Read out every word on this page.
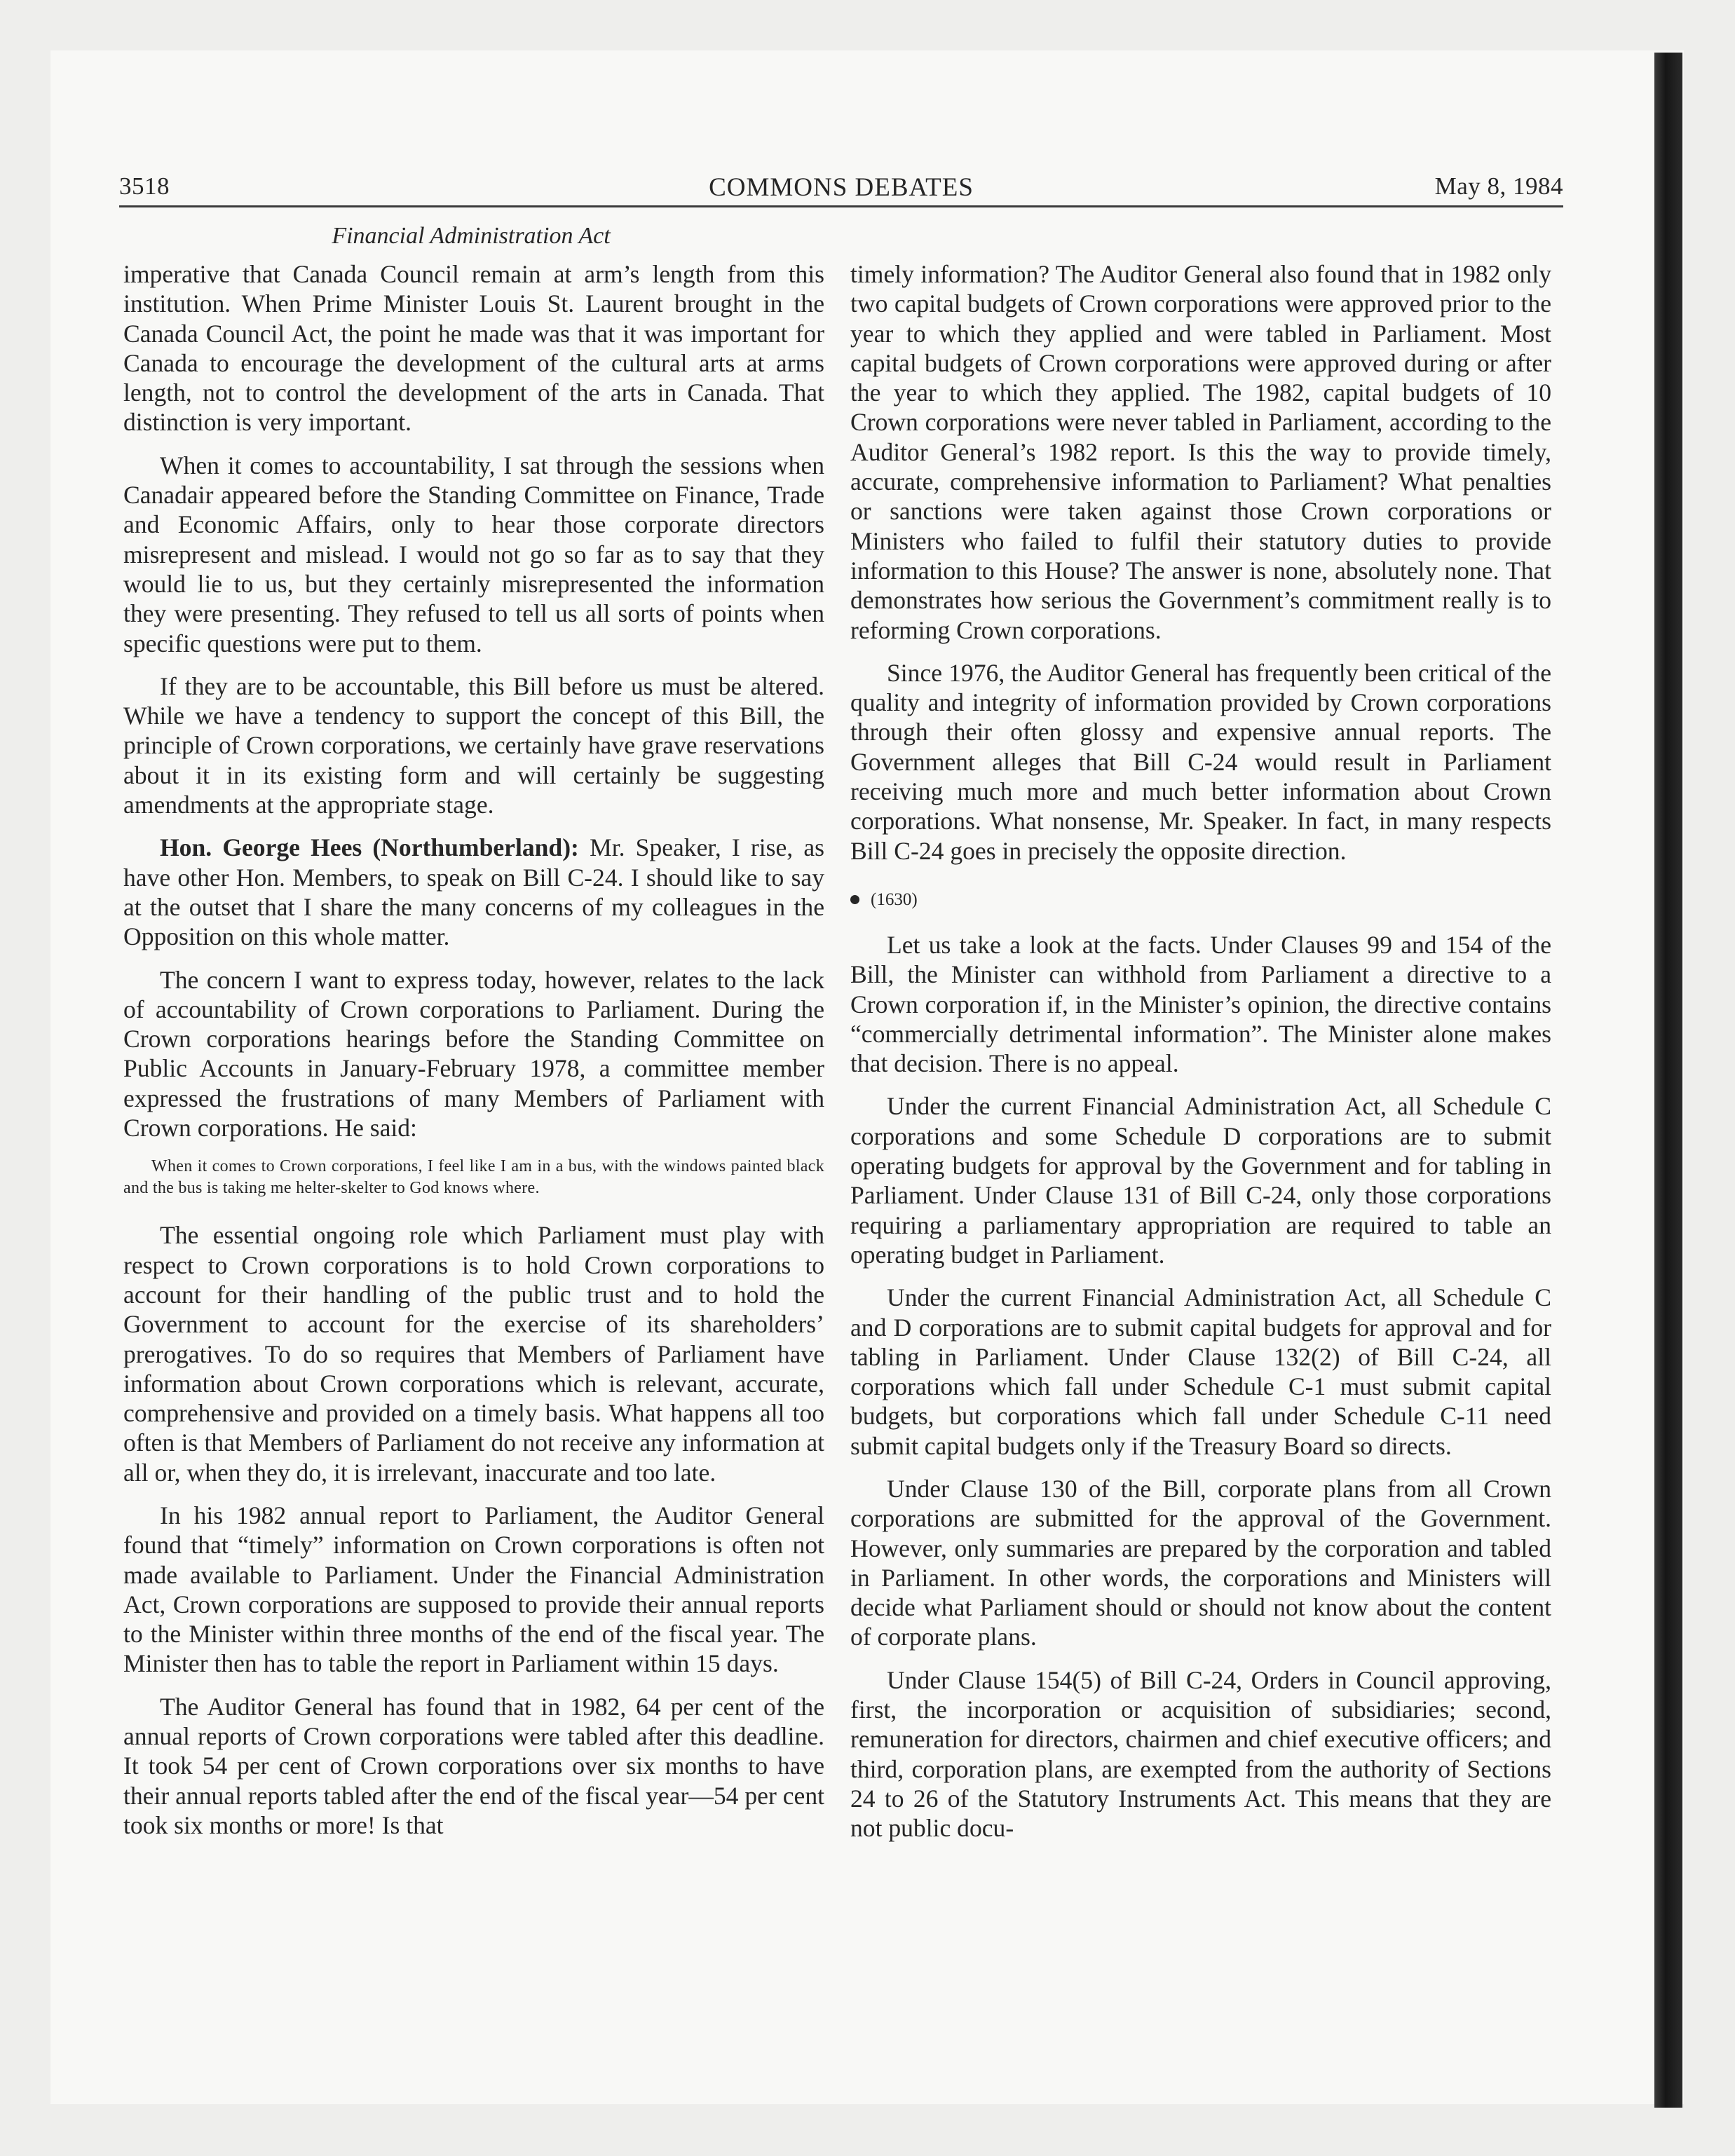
3518	COMMONS DEBATES	May 8, 1984
Financial Administration Act

imperative that Canada Council remain at arm’s length from this institution. When Prime Minister Louis St. Laurent brought in the Canada Council Act, the point he made was that it was important for Canada to encourage the development of the cultural arts at arms length, not to control the development of the arts in Canada. That distinction is very important.

When it comes to accountability, I sat through the sessions when Canadair appeared before the Standing Committee on Finance, Trade and Economic Affairs, only to hear those corporate directors misrepresent and mislead. I would not go so far as to say that they would lie to us, but they certainly misrepresented the information they were presenting. They refused to tell us all sorts of points when specific questions were put to them.

If they are to be accountable, this Bill before us must be altered. While we have a tendency to support the concept of this Bill, the principle of Crown corporations, we certainly have grave reservations about it in its existing form and will certainly be suggesting amendments at the appropriate stage.

Hon. George Hees (Northumberland): Mr. Speaker, I rise, as have other Hon. Members, to speak on Bill C-24. I should like to say at the outset that I share the many concerns of my colleagues in the Opposition on this whole matter.

The concern I want to express today, however, relates to the lack of accountability of Crown corporations to Parliament. During the Crown corporations hearings before the Standing Committee on Public Accounts in January-February 1978, a committee member expressed the frustrations of many Members of Parliament with Crown corporations. He said:

When it comes to Crown corporations, I feel like I am in a bus, with the windows painted black and the bus is taking me helter-skelter to God knows where.

The essential ongoing role which Parliament must play with respect to Crown corporations is to hold Crown corporations to account for their handling of the public trust and to hold the Government to account for the exercise of its shareholders’ prerogatives. To do so requires that Members of Parliament have information about Crown corporations which is relevant, accurate, comprehensive and provided on a timely basis. What happens all too often is that Members of Parliament do not receive any information at all or, when they do, it is irrelevant, inaccurate and too late.

In his 1982 annual report to Parliament, the Auditor General found that “timely” information on Crown corporations is often not made available to Parliament. Under the Financial Administration Act, Crown corporations are supposed to provide their annual reports to the Minister within three months of the end of the fiscal year. The Minister then has to table the report in Parliament within 15 days.

The Auditor General has found that in 1982, 64 per cent of the annual reports of Crown corporations were tabled after this deadline. It took 54 per cent of Crown corporations over six months to have their annual reports tabled after the end of the fiscal year—54 per cent took six months or more! Is that

timely information? The Auditor General also found that in 1982 only two capital budgets of Crown corporations were approved prior to the year to which they applied and were tabled in Parliament. Most capital budgets of Crown corporations were approved during or after the year to which they applied. The 1982, capital budgets of 10 Crown corporations were never tabled in Parliament, according to the Auditor General’s 1982 report. Is this the way to provide timely, accurate, comprehensive information to Parliament? What penalties or sanctions were taken against those Crown corporations or Ministers who failed to fulfil their statutory duties to provide information to this House? The answer is none, absolutely none. That demonstrates how serious the Government’s commitment really is to reforming Crown corporations.

Since 1976, the Auditor General has frequently been critical of the quality and integrity of information provided by Crown corporations through their often glossy and expensive annual reports. The Government alleges that Bill C-24 would result in Parliament receiving much more and much better information about Crown corporations. What nonsense, Mr. Speaker. In fact, in many respects Bill C-24 goes in precisely the opposite direction.

(1630)

Let us take a look at the facts. Under Clauses 99 and 154 of the Bill, the Minister can withhold from Parliament a directive to a Crown corporation if, in the Minister’s opinion, the directive contains “commercially detrimental information”. The Minister alone makes that decision. There is no appeal.

Under the current Financial Administration Act, all Schedule C corporations and some Schedule D corporations are to submit operating budgets for approval by the Government and for tabling in Parliament. Under Clause 131 of Bill C-24, only those corporations requiring a parliamentary appropriation are required to table an operating budget in Parliament.

Under the current Financial Administration Act, all Schedule C and D corporations are to submit capital budgets for approval and for tabling in Parliament. Under Clause 132(2) of Bill C-24, all corporations which fall under Schedule C-1 must submit capital budgets, but corporations which fall under Schedule C-11 need submit capital budgets only if the Treasury Board so directs.

Under Clause 130 of the Bill, corporate plans from all Crown corporations are submitted for the approval of the Government. However, only summaries are prepared by the corporation and tabled in Parliament. In other words, the corporations and Ministers will decide what Parliament should or should not know about the content of corporate plans.

Under Clause 154(5) of Bill C-24, Orders in Council approving, first, the incorporation or acquisition of subsidiaries; second, remuneration for directors, chairmen and chief executive officers; and third, corporation plans, are exempted from the authority of Sections 24 to 26 of the Statutory Instruments Act. This means that they are not public docu-
